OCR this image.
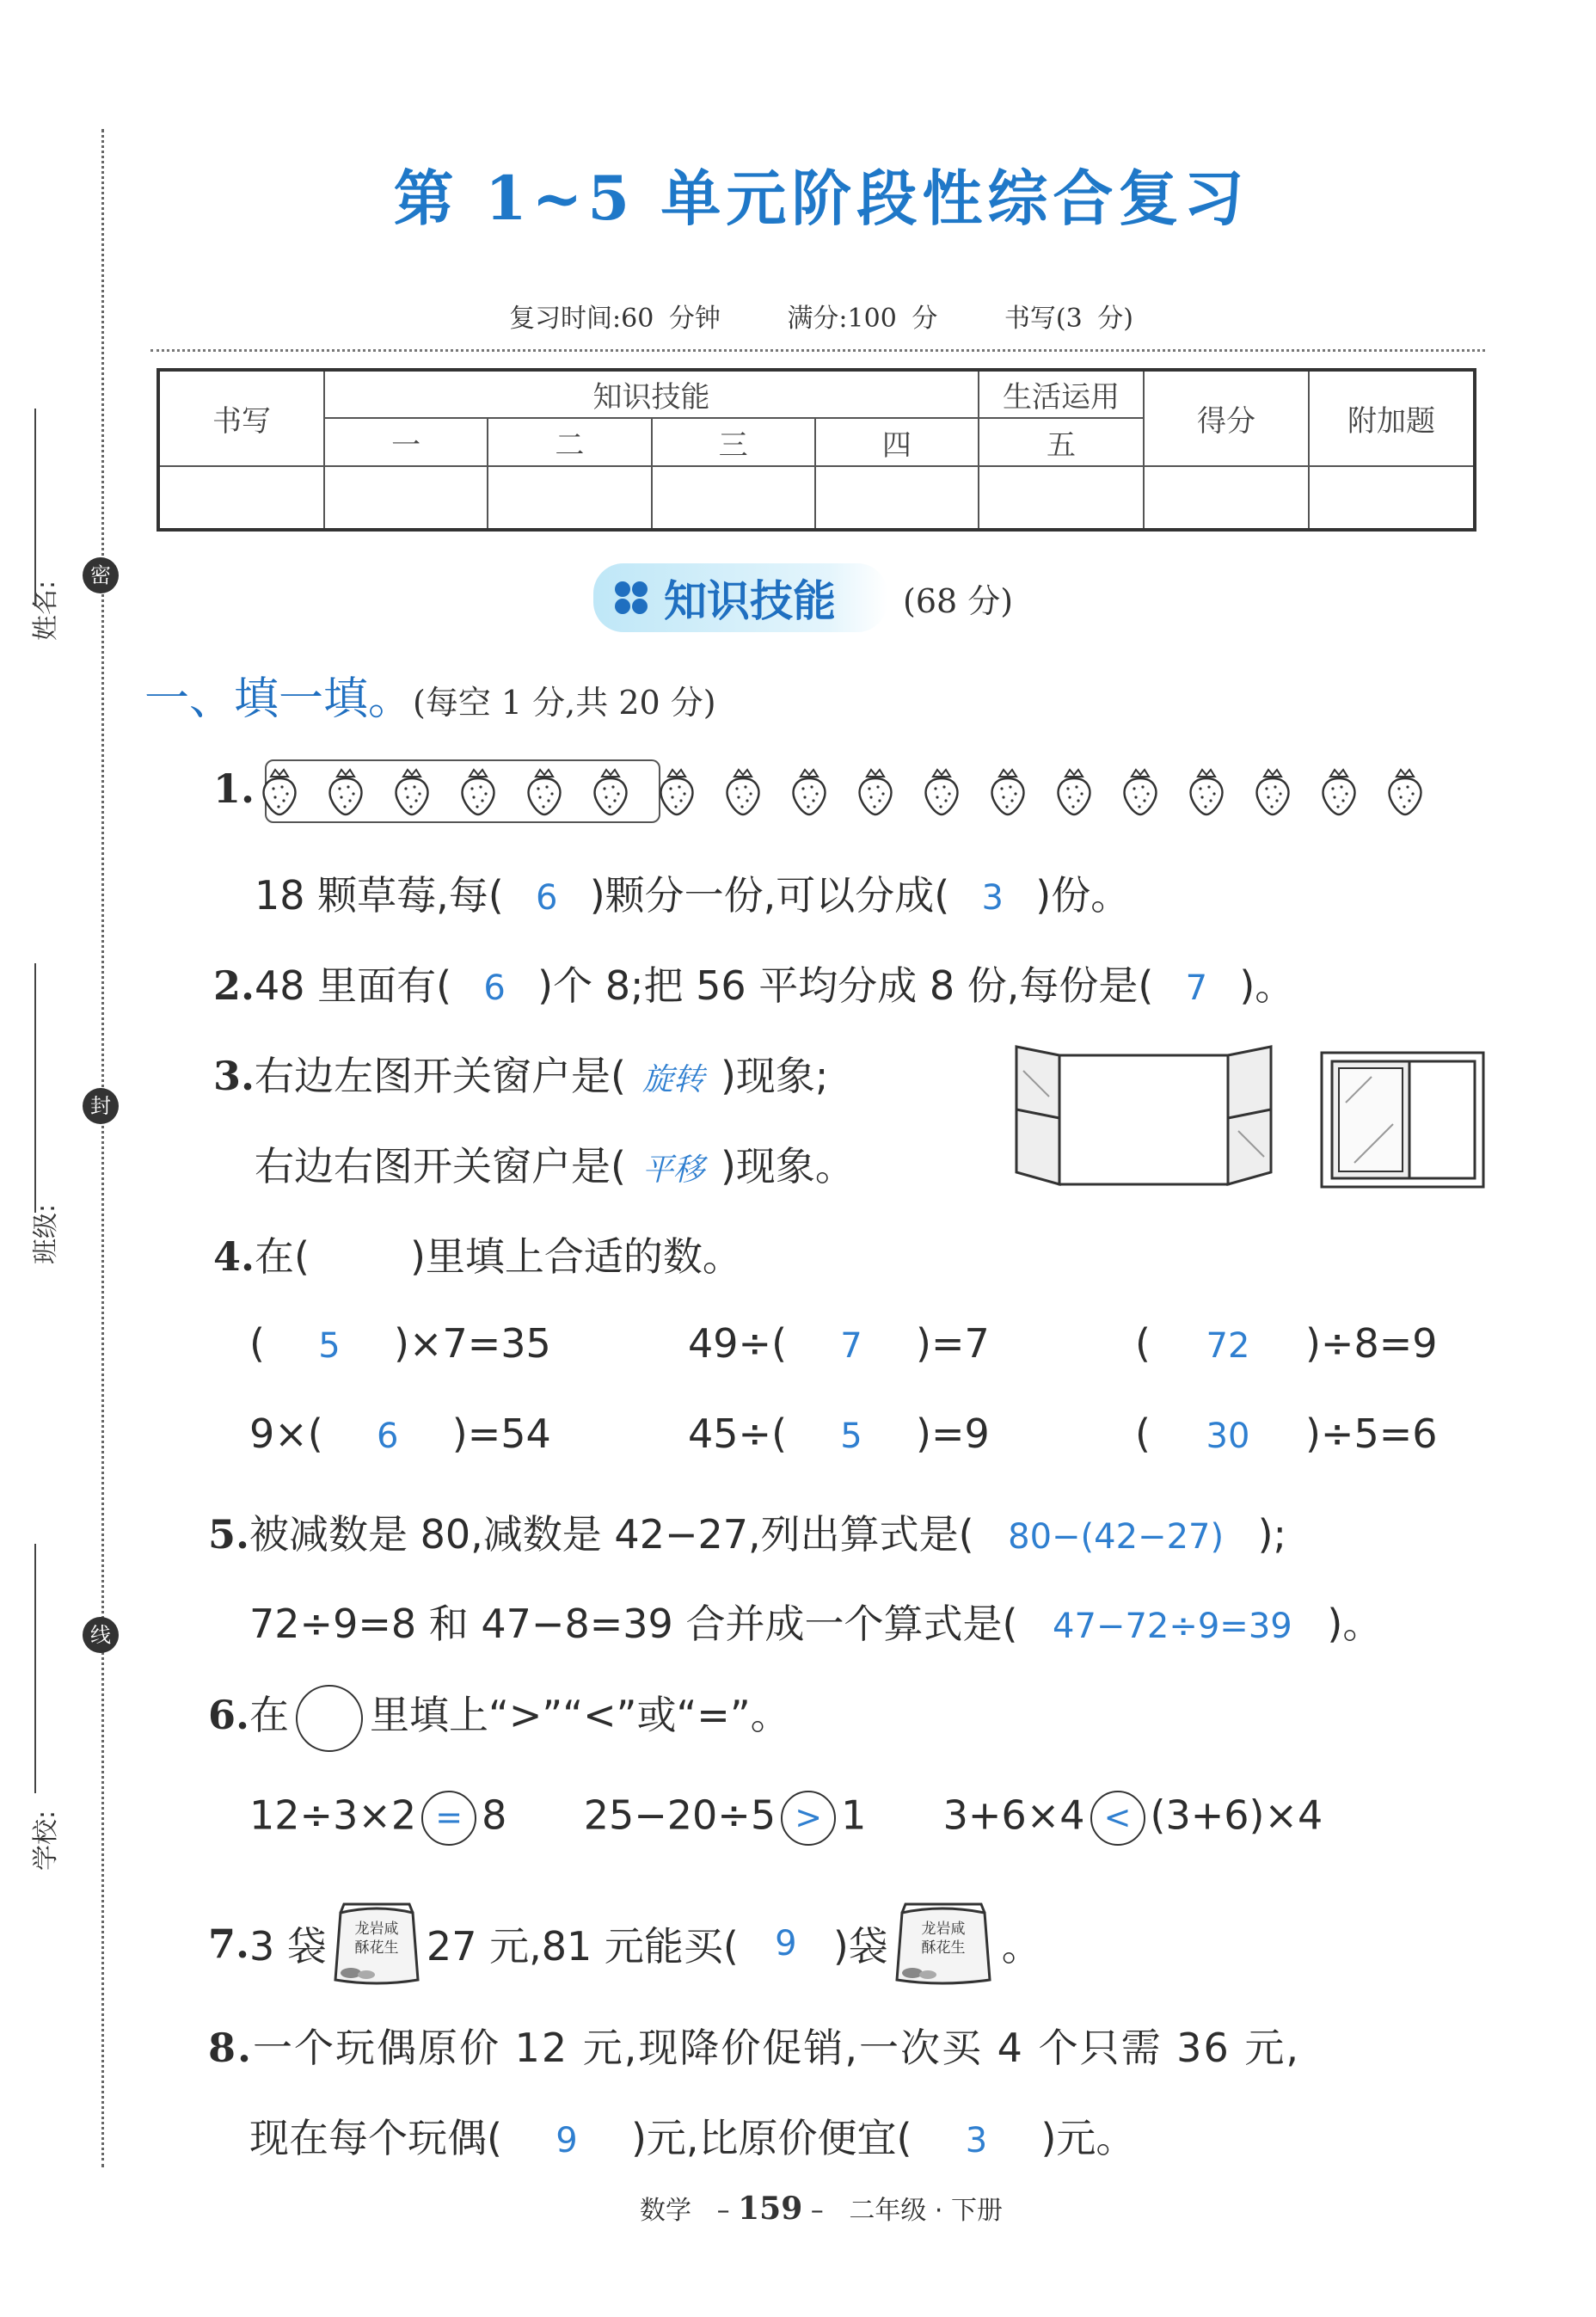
密
封
线
姓名:
班级:
学校:
第 1~5 单元阶段性综合复习
复习时间:60 分钟	满分:100 分	书写(3 分)
书写	知识技能				生活运用	得分	附加题
	一	二	三	四	五		

知识技能 (68 分)
一、填一填。(每空 1 分,共 20 分)
1.
18 颗草莓,每( 6 )颗分一份,可以分成( 3 )份。
2.48 里面有( 6 )个 8;把 56 平均分成 8 份,每份是( 7 )。
3.右边左图开关窗户是( 旋转 )现象;
右边右图开关窗户是( 平移 )现象。
4.在(        )里填上合适的数。
( 5 )×7=35	49÷( 7 )=7	( 72 )÷8=9
9×( 6 )=54	45÷( 5 )=9	( 30 )÷5=6
5.被减数是 80,减数是 42−27,列出算式是( 80−(42−27) );
72÷9=8 和 47−8=39 合并成一个算式是( 47−72÷9=39 )。
6.在 里填上“>”“<”或“=”。
12÷3×2 = 8 25−20÷5 > 1 3+6×4 < (3+6)×4
7. 3 袋 龙岩咸
酥花生 27 元,81 元能买(	9 )袋 龙岩咸
酥花生 。
8.一个玩偶原价 12 元,现降价促销,一次买 4 个只需 36 元,
现在每个玩偶( 9 )元,比原价便宜( 3 )元。
数学 – 159 – 二年级 · 下册
